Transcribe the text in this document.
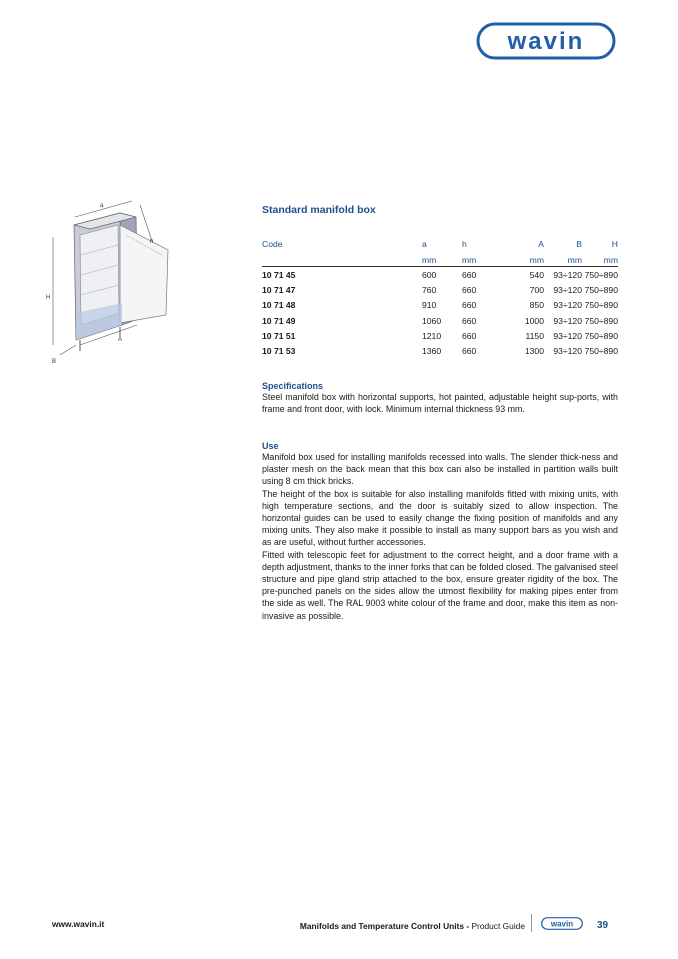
wavin
a
h
H
A
B

Standard manifold box

Code	a	h	A	B	H
	mm	mm	mm	mm	mm
10 71 45	600	660	540	93÷120	750÷890
10 71 47	760	660	700	93÷120	750÷890
10 71 48	910	660	850	93÷120	750÷890
10 71 49	1060	660	1000	93÷120	750÷890
10 71 51	1210	660	1150	93÷120	750÷890
10 71 53	1360	660	1300	93÷120	750÷890

Specifications

Steel manifold box with horizontal supports, hot painted, adjustable height sup-ports, with frame and front door, with lock. Minimum internal thickness 93 mm.

Use

Manifold box used for installing manifolds recessed into walls. The slender thick-ness and plaster mesh on the back mean that this box can also be installed in partition walls built using 8 cm thick bricks.

The height of the box is suitable for also installing manifolds fitted with mixing units, with high temperature sections, and the door is suitably sized to allow inspection. The horizontal guides can be used to easily change the fixing position of manifolds and any mixing units. They also make it possible to install as many support bars as you wish and as are useful, without further accessories.

Fitted with telescopic feet for adjustment to the correct height, and a door frame with a depth adjustment, thanks to the inner forks that can be folded closed. The galvanised steel structure and pipe gland strip attached to the box, ensure greater rigidity of the box. The pre-punched panels on the sides allow the utmost flexibility for making pipes enter from the side as well. The RAL 9003 white colour of the frame and door, make this item as non-invasive as possible.

www.wavin.it	Manifolds and Temperature Control Units - Product Guide	wavin 39
